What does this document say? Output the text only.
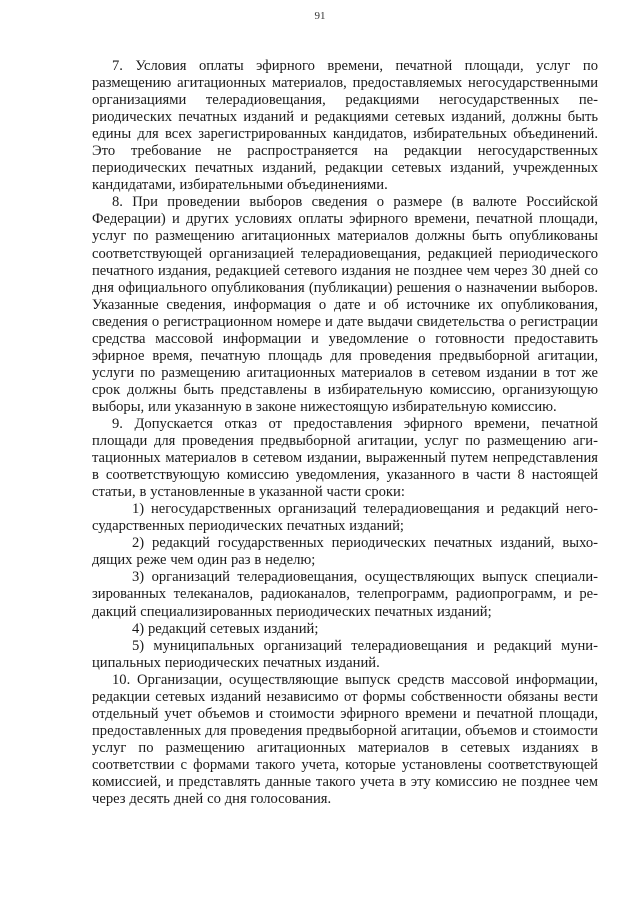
91

7. Условия оплаты эфирного времени, печатной площади, услуг по размещению агитационных материалов, предоставляемых негосударственными организациями телерадиовещания, редакциями негосударственных периодических печатных изданий и редакциями сетевых изданий, должны быть едины для всех зарегистрированных кандидатов, избирательных объединений. Это требование не распространяется на редакции негосударственных периодических печатных изданий, редакции сетевых изданий, учрежденных кандидатами, избирательными объединениями.

8. При проведении выборов сведения о размере (в валюте Российской Федерации) и других условиях оплаты эфирного времени, печатной площади, услуг по размещению агитационных материалов должны быть опубликованы соответствующей организацией телерадиовещания, редакцией периодического печатного издания, редакцией сетевого издания не позднее чем через 30 дней со дня официального опубликования (публикации) решения о назначении выборов. Указанные сведения, информация о дате и об источнике их опубликования, сведения о регистрационном номере и дате выдачи свидетельства о регистрации средства массовой информации и уведомление о готовности предоставить эфирное время, печатную площадь для проведения предвыборной агитации, услуги по размещению агитационных материалов в сетевом издании в тот же срок должны быть представлены в избирательную комиссию, организующую выборы, или указанную в законе нижестоящую избирательную комиссию.

9. Допускается отказ от предоставления эфирного времени, печатной площади для проведения предвыборной агитации, услуг по размещению агитационных материалов в сетевом издании, выраженный путем непредставления в соответствующую комиссию уведомления, указанного в части 8 настоящей статьи, в установленные в указанной части сроки:

1) негосударственных организаций телерадиовещания и редакций негосударственных периодических печатных изданий;

2) редакций государственных периодических печатных изданий, выходящих реже чем один раз в неделю;

3) организаций телерадиовещания, осуществляющих выпуск специализированных телеканалов, радиоканалов, телепрограмм, радиопрограмм, и редакций специализированных периодических печатных изданий;

4) редакций сетевых изданий;

5) муниципальных организаций телерадиовещания и редакций муниципальных периодических печатных изданий.

10. Организации, осуществляющие выпуск средств массовой информации, редакции сетевых изданий независимо от формы собственности обязаны вести отдельный учет объемов и стоимости эфирного времени и печатной площади, предоставленных для проведения предвыборной агитации, объемов и стоимости услуг по размещению агитационных материалов в сетевых изданиях в соответствии с формами такого учета, которые установлены соответствующей комиссией, и представлять данные такого учета в эту комиссию не позднее чем через десять дней со дня голосования.
